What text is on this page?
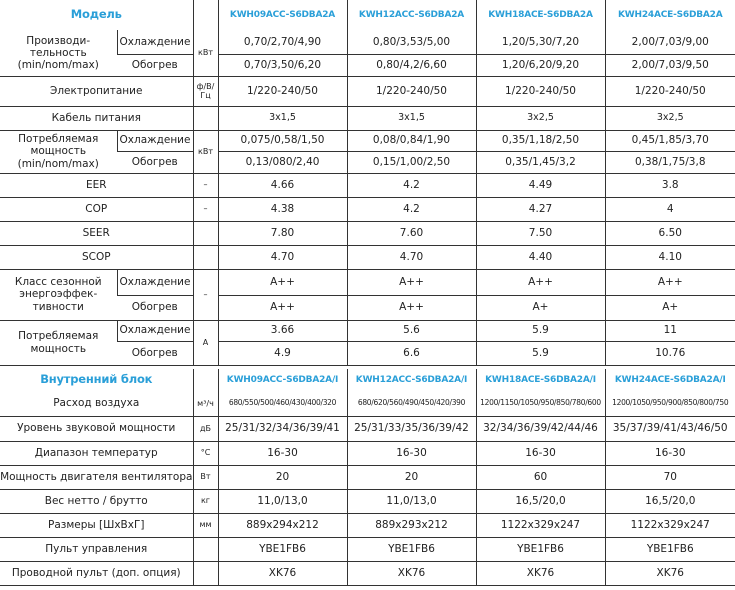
Модель			KWH09ACC-S6DBA2A	KWH12ACC-S6DBA2A	KWH18ACE-S6DBA2A	KWH24ACE-S6DBA2A
Производи-тельность (min/nom/max)	Охлаждение	кВт	0,70/2,70/4,90	0,80/3,53/5,00	1,20/5,30/7,20	2,00/7,03/9,00
	Обогрев		0,70/3,50/6,20	0,80/4,2/6,60	1,20/6,20/9,20	2,00/7,03/9,50
Электропитание		ф/В/Гц	1/220-240/50	1/220-240/50	1/220-240/50	1/220-240/50
Кабель питания			3x1,5	3x1,5	3x2,5	3x2,5
Потребляемая мощность (min/nom/max)	Охлаждение	кВт	0,075/0,58/1,50	0,08/0,84/1,90	0,35/1,18/2,50	0,45/1,85/3,70
	Обогрев		0,13/080/2,40	0,15/1,00/2,50	0,35/1,45/3,2	0,38/1,75/3,8
EER		–	4.66	4.2	4.49	3.8
COP		–	4.38	4.2	4.27	4
SEER			7.80	7.60	7.50	6.50
SCOP			4.70	4.70	4.40	4.10
Класс сезонной энергоэффек-тивности	Охлаждение	–	A++	A++	A++	A++
	Обогрев		A++	A++	A+	A+
Потребляемая мощность	Охлаждение	А	3.66	5.6	5.9	11
	Обогрев		4.9	6.6	5.9	10.76
Внутренний блок		KWH09ACC-S6DBA2A/I	KWH12ACC-S6DBA2A/I	KWH18ACE-S6DBA2A/I	KWH24ACE-S6DBA2A/I
Расход воздуха	м³/ч	680/550/500/460/430/400/320	680/620/560/490/450/420/390	1200/1150/1050/950/850/780/600	1200/1050/950/900/850/800/750
Уровень звуковой мощности	дБ	25/31/32/34/36/39/41	25/31/33/35/36/39/42	32/34/36/39/42/44/46	35/37/39/41/43/46/50
Диапазон температур	°С	16-30	16-30	16-30	16-30
Мощность двигателя вентилятора	Вт	20	20	60	70
Вес нетто / брутто	кг	11,0/13,0	11,0/13,0	16,5/20,0	16,5/20,0
Размеры [ШхВхГ]	мм	889x294x212	889x293x212	1122x329x247	1122x329x247
Пульт управления		YBE1FB6	YBE1FB6	YBE1FB6	YBE1FB6
Проводной пульт (доп. опция)		XK76	XK76	XK76	XK76
